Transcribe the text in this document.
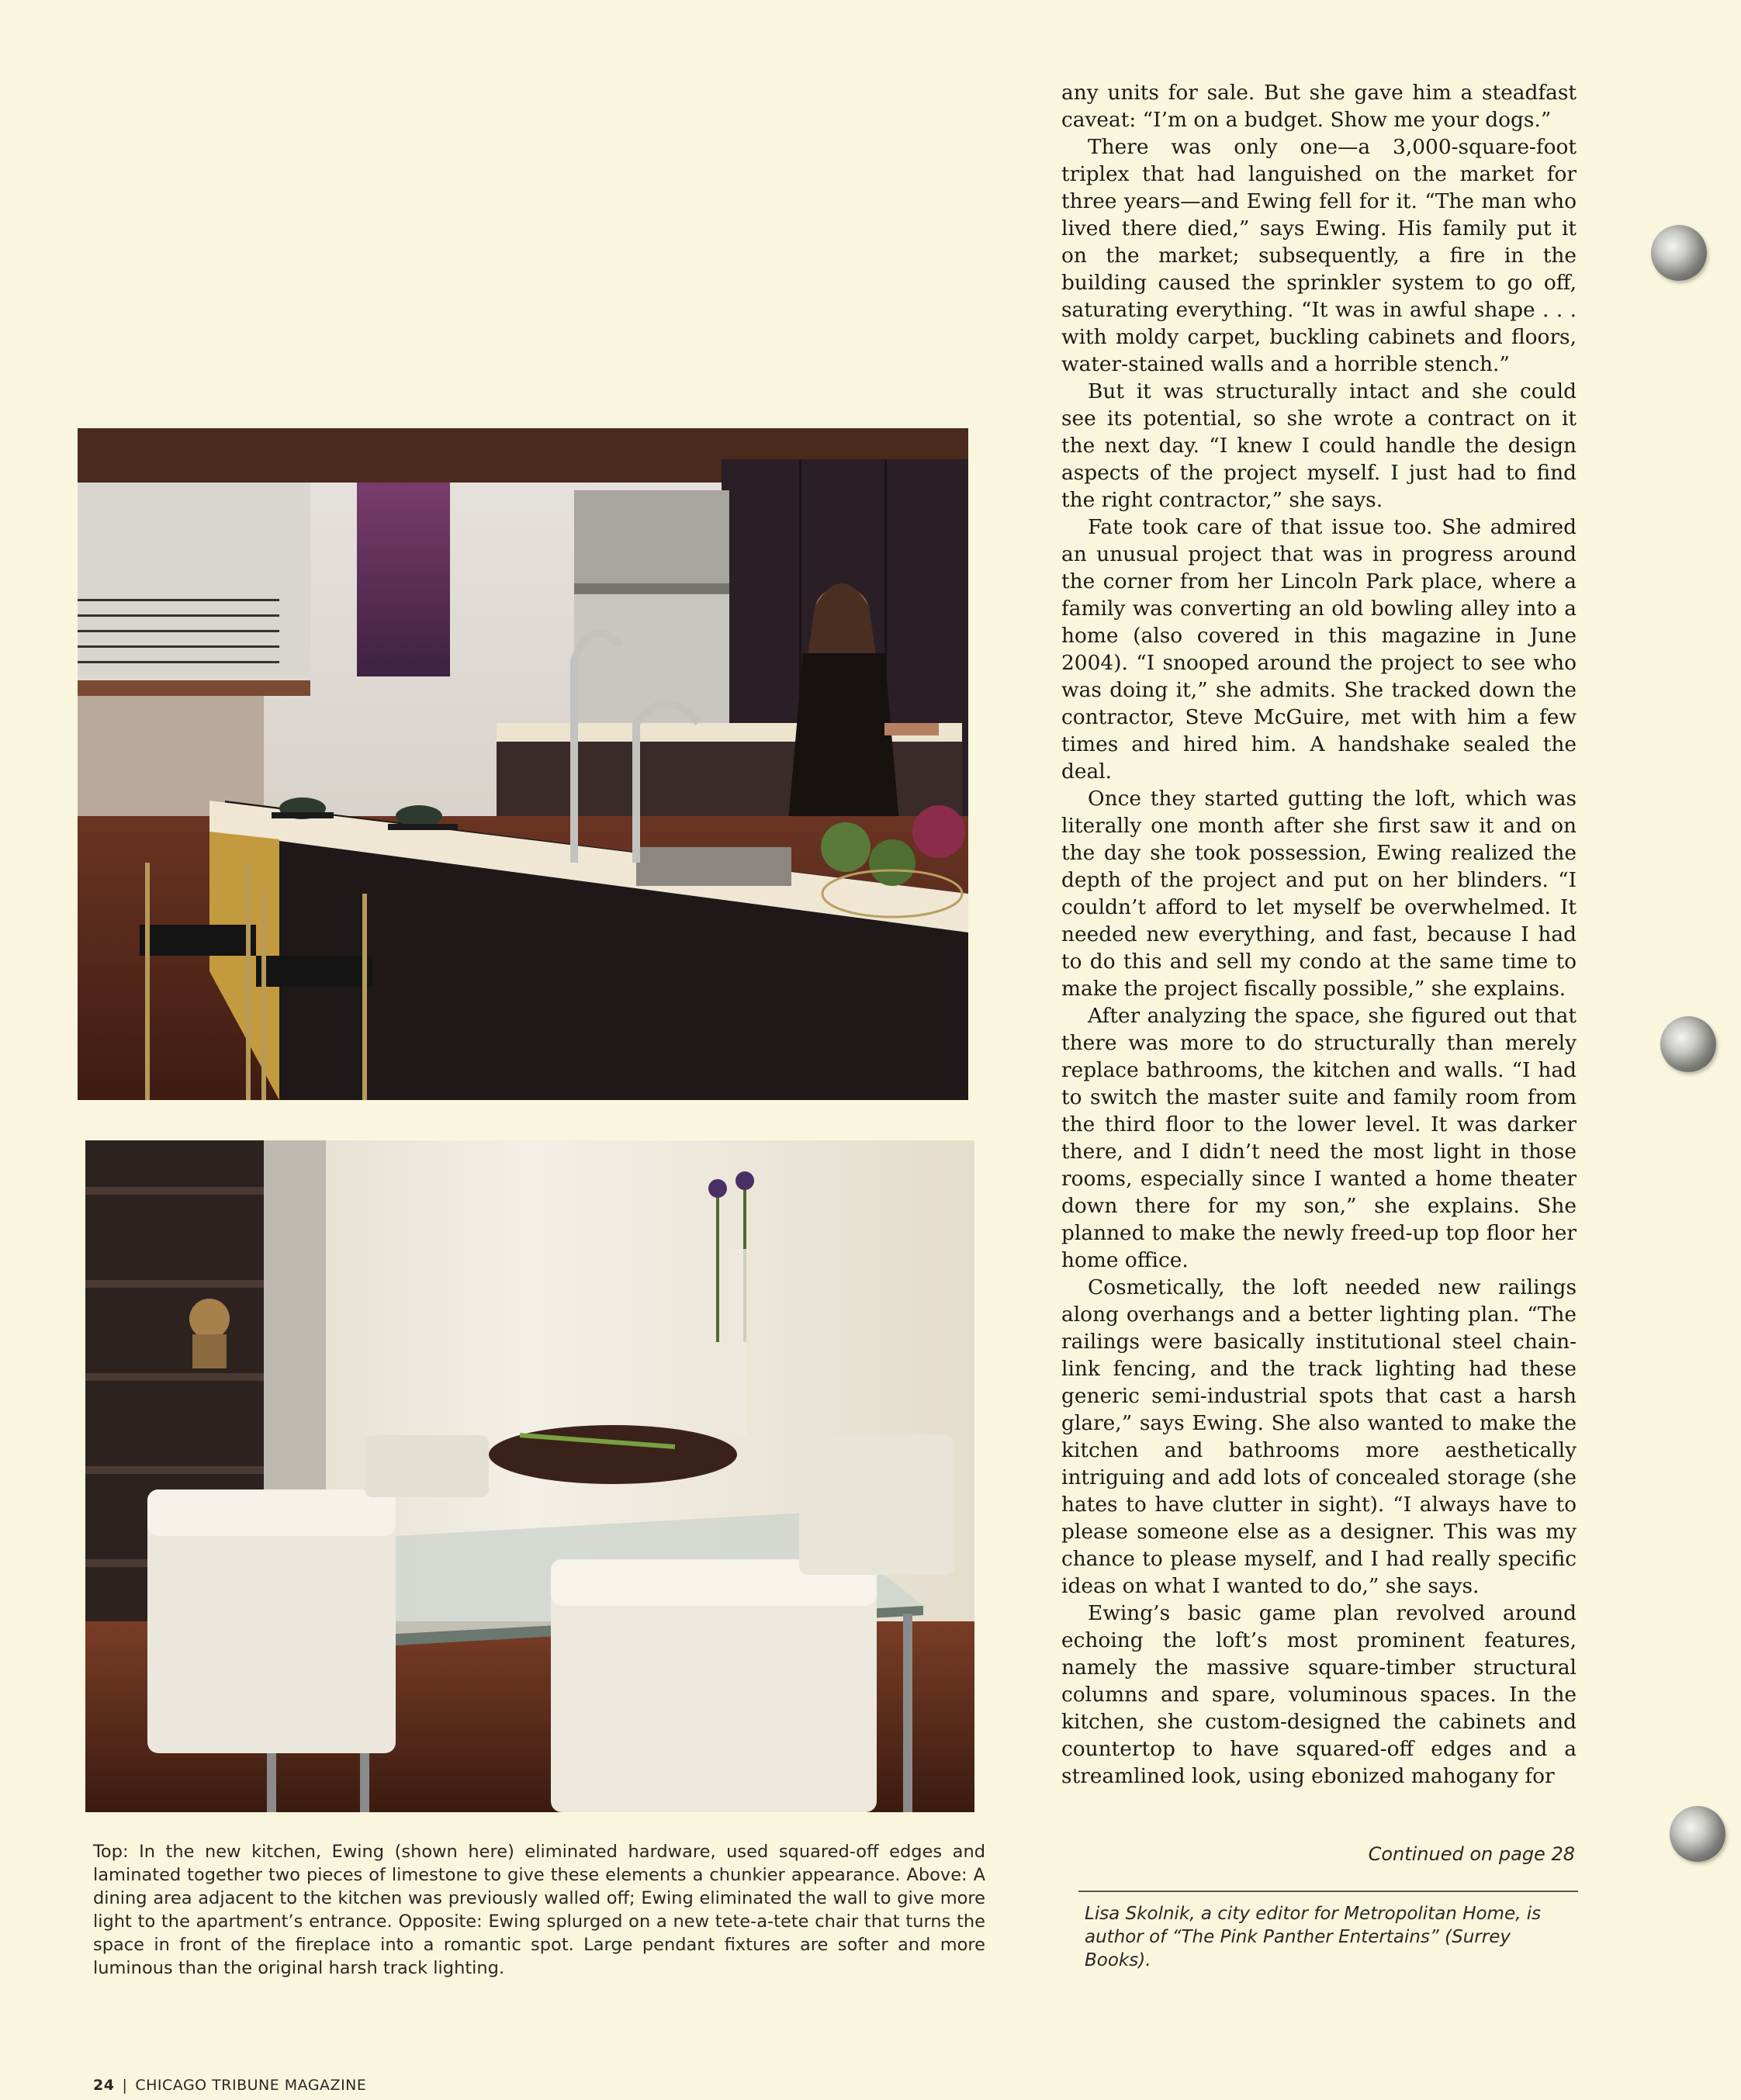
Top: In the new kitchen, Ewing (shown here) eliminated hardware, used squared-off edges and laminated together two pieces of limestone to give these elements a chunkier appearance. Above: A dining area adjacent to the kitchen was previously walled off; Ewing eliminated the wall to give more light to the apartment’s entrance. Opposite: Ewing splurged on a new tete-a-tete chair that turns the space in front of the fireplace into a romantic spot. Large pendant fixtures are softer and more luminous than the original harsh track lighting.

any units for sale. But she gave him a steadfast caveat: “I’m on a budget. Show me your dogs.”

There was only one—a 3,000-square-foot triplex that had languished on the market for three years—and Ewing fell for it. “The man who lived there died,” says Ewing. His family put it on the market; subsequently, a fire in the building caused the sprinkler system to go off, saturating everything. “It was in awful shape . . . with moldy carpet, buckling cabinets and floors, water-stained walls and a horrible stench.”

But it was structurally intact and she could see its potential, so she wrote a contract on it the next day. “I knew I could handle the design aspects of the project myself. I just had to find the right contractor,” she says.

Fate took care of that issue too. She admired an unusual project that was in progress around the corner from her Lincoln Park place, where a family was converting an old bowling alley into a home (also covered in this magazine in June 2004). “I snooped around the project to see who was doing it,” she admits. She tracked down the contractor, Steve McGuire, met with him a few times and hired him. A handshake sealed the deal.

Once they started gutting the loft, which was literally one month after she first saw it and on the day she took possession, Ewing realized the depth of the project and put on her blinders. “I couldn’t afford to let myself be overwhelmed. It needed new everything, and fast, because I had to do this and sell my condo at the same time to make the project fiscally possible,” she explains.

After analyzing the space, she figured out that there was more to do structurally than merely replace bathrooms, the kitchen and walls. “I had to switch the master suite and family room from the third floor to the lower level. It was darker there, and I didn’t need the most light in those rooms, especially since I wanted a home theater down there for my son,” she explains. She planned to make the newly freed-up top floor her home office.

Cosmetically, the loft needed new railings along overhangs and a better lighting plan. “The railings were basically institutional steel chain-link fencing, and the track lighting had these generic semi-industrial spots that cast a harsh glare,” says Ewing. She also wanted to make the kitchen and bathrooms more aesthetically intriguing and add lots of concealed storage (she hates to have clutter in sight). “I always have to please someone else as a designer. This was my chance to please myself, and I had really specific ideas on what I wanted to do,” she says.

Ewing’s basic game plan revolved around echoing the loft’s most prominent features, namely the massive square-timber structural columns and spare, voluminous spaces. In the kitchen, she custom-designed the cabinets and countertop to have squared-off edges and a streamlined look, using ebonized mahogany for

Continued on page 28
Lisa Skolnik, a city editor for Metropolitan Home, is author of “The Pink Panther Entertains” (Surrey Books).
24 | CHICAGO TRIBUNE MAGAZINE
